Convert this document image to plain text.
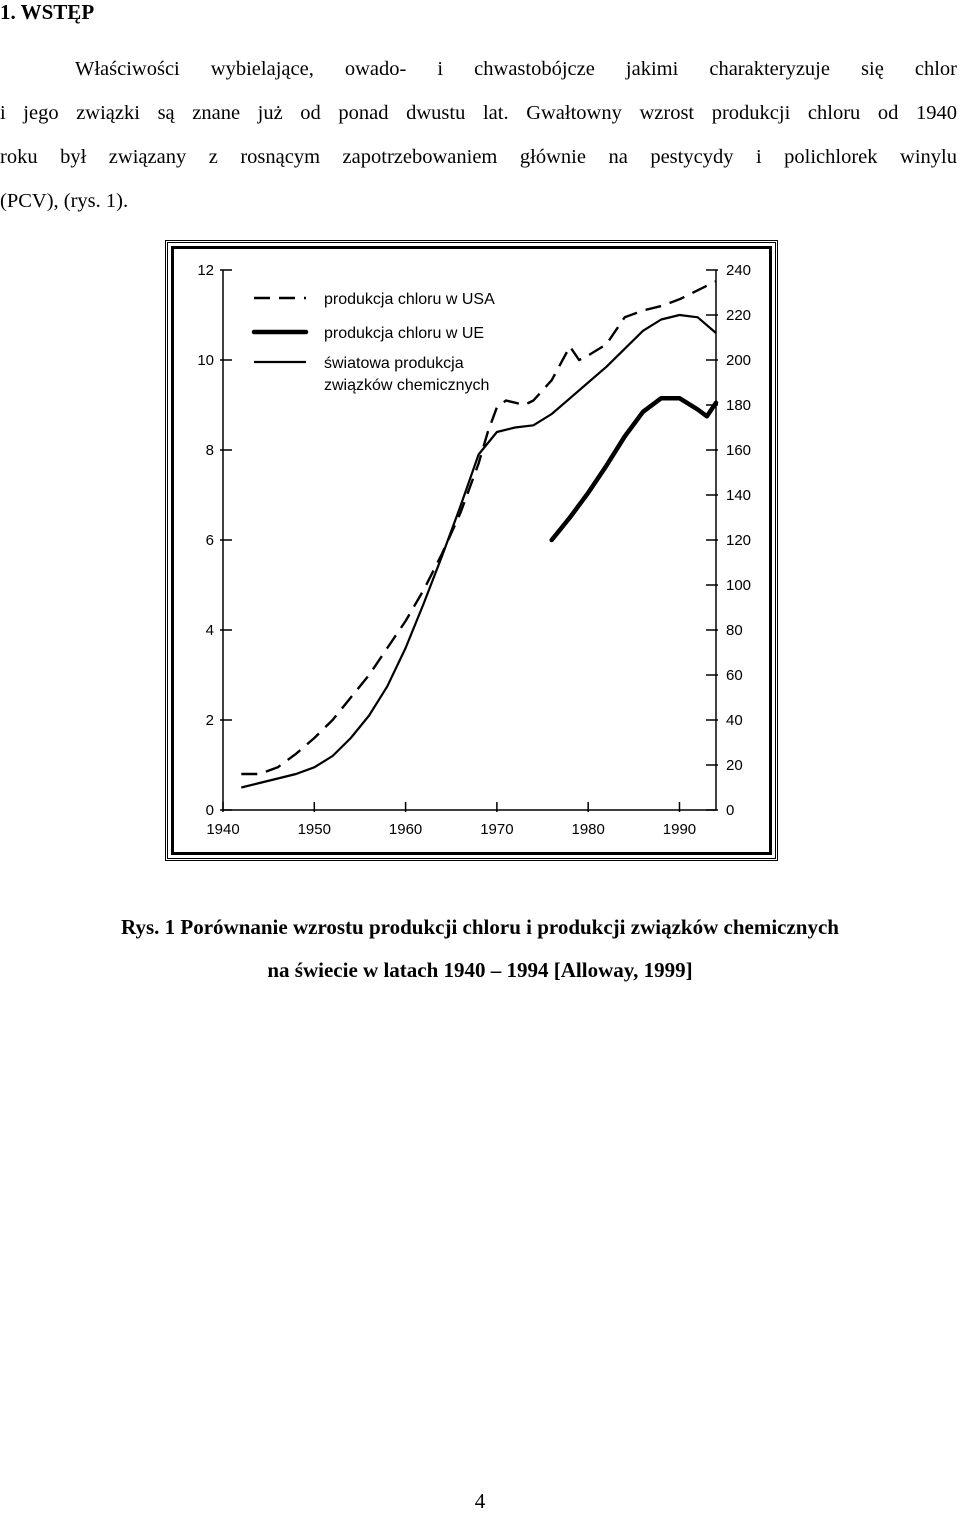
1. WSTĘP

Właściwości wybielające, owado- i chwastobójcze jakimi charakteryzuje się chlor

i jego związki są znane już od ponad dwustu lat. Gwałtowny wzrost produkcji chloru od 1940

roku był związany z rosnącym zapotrzebowaniem głównie na pestycydy i polichlorek winylu

(PCV), (rys. 1).

0
2
4
6
8
10
12
0
20
40
60
80
100
120
140
160
180
200
220
240
1940	1950	1960	1970	1980	1990
produkcja chloru w USA
produkcja chloru w UE
światowa produkcja
związków chemicznych
Rys. 1 Porównanie wzrostu produkcji chloru i produkcji związków chemicznych
na świecie w latach 1940 – 1994 [Alloway, 1999]
4
